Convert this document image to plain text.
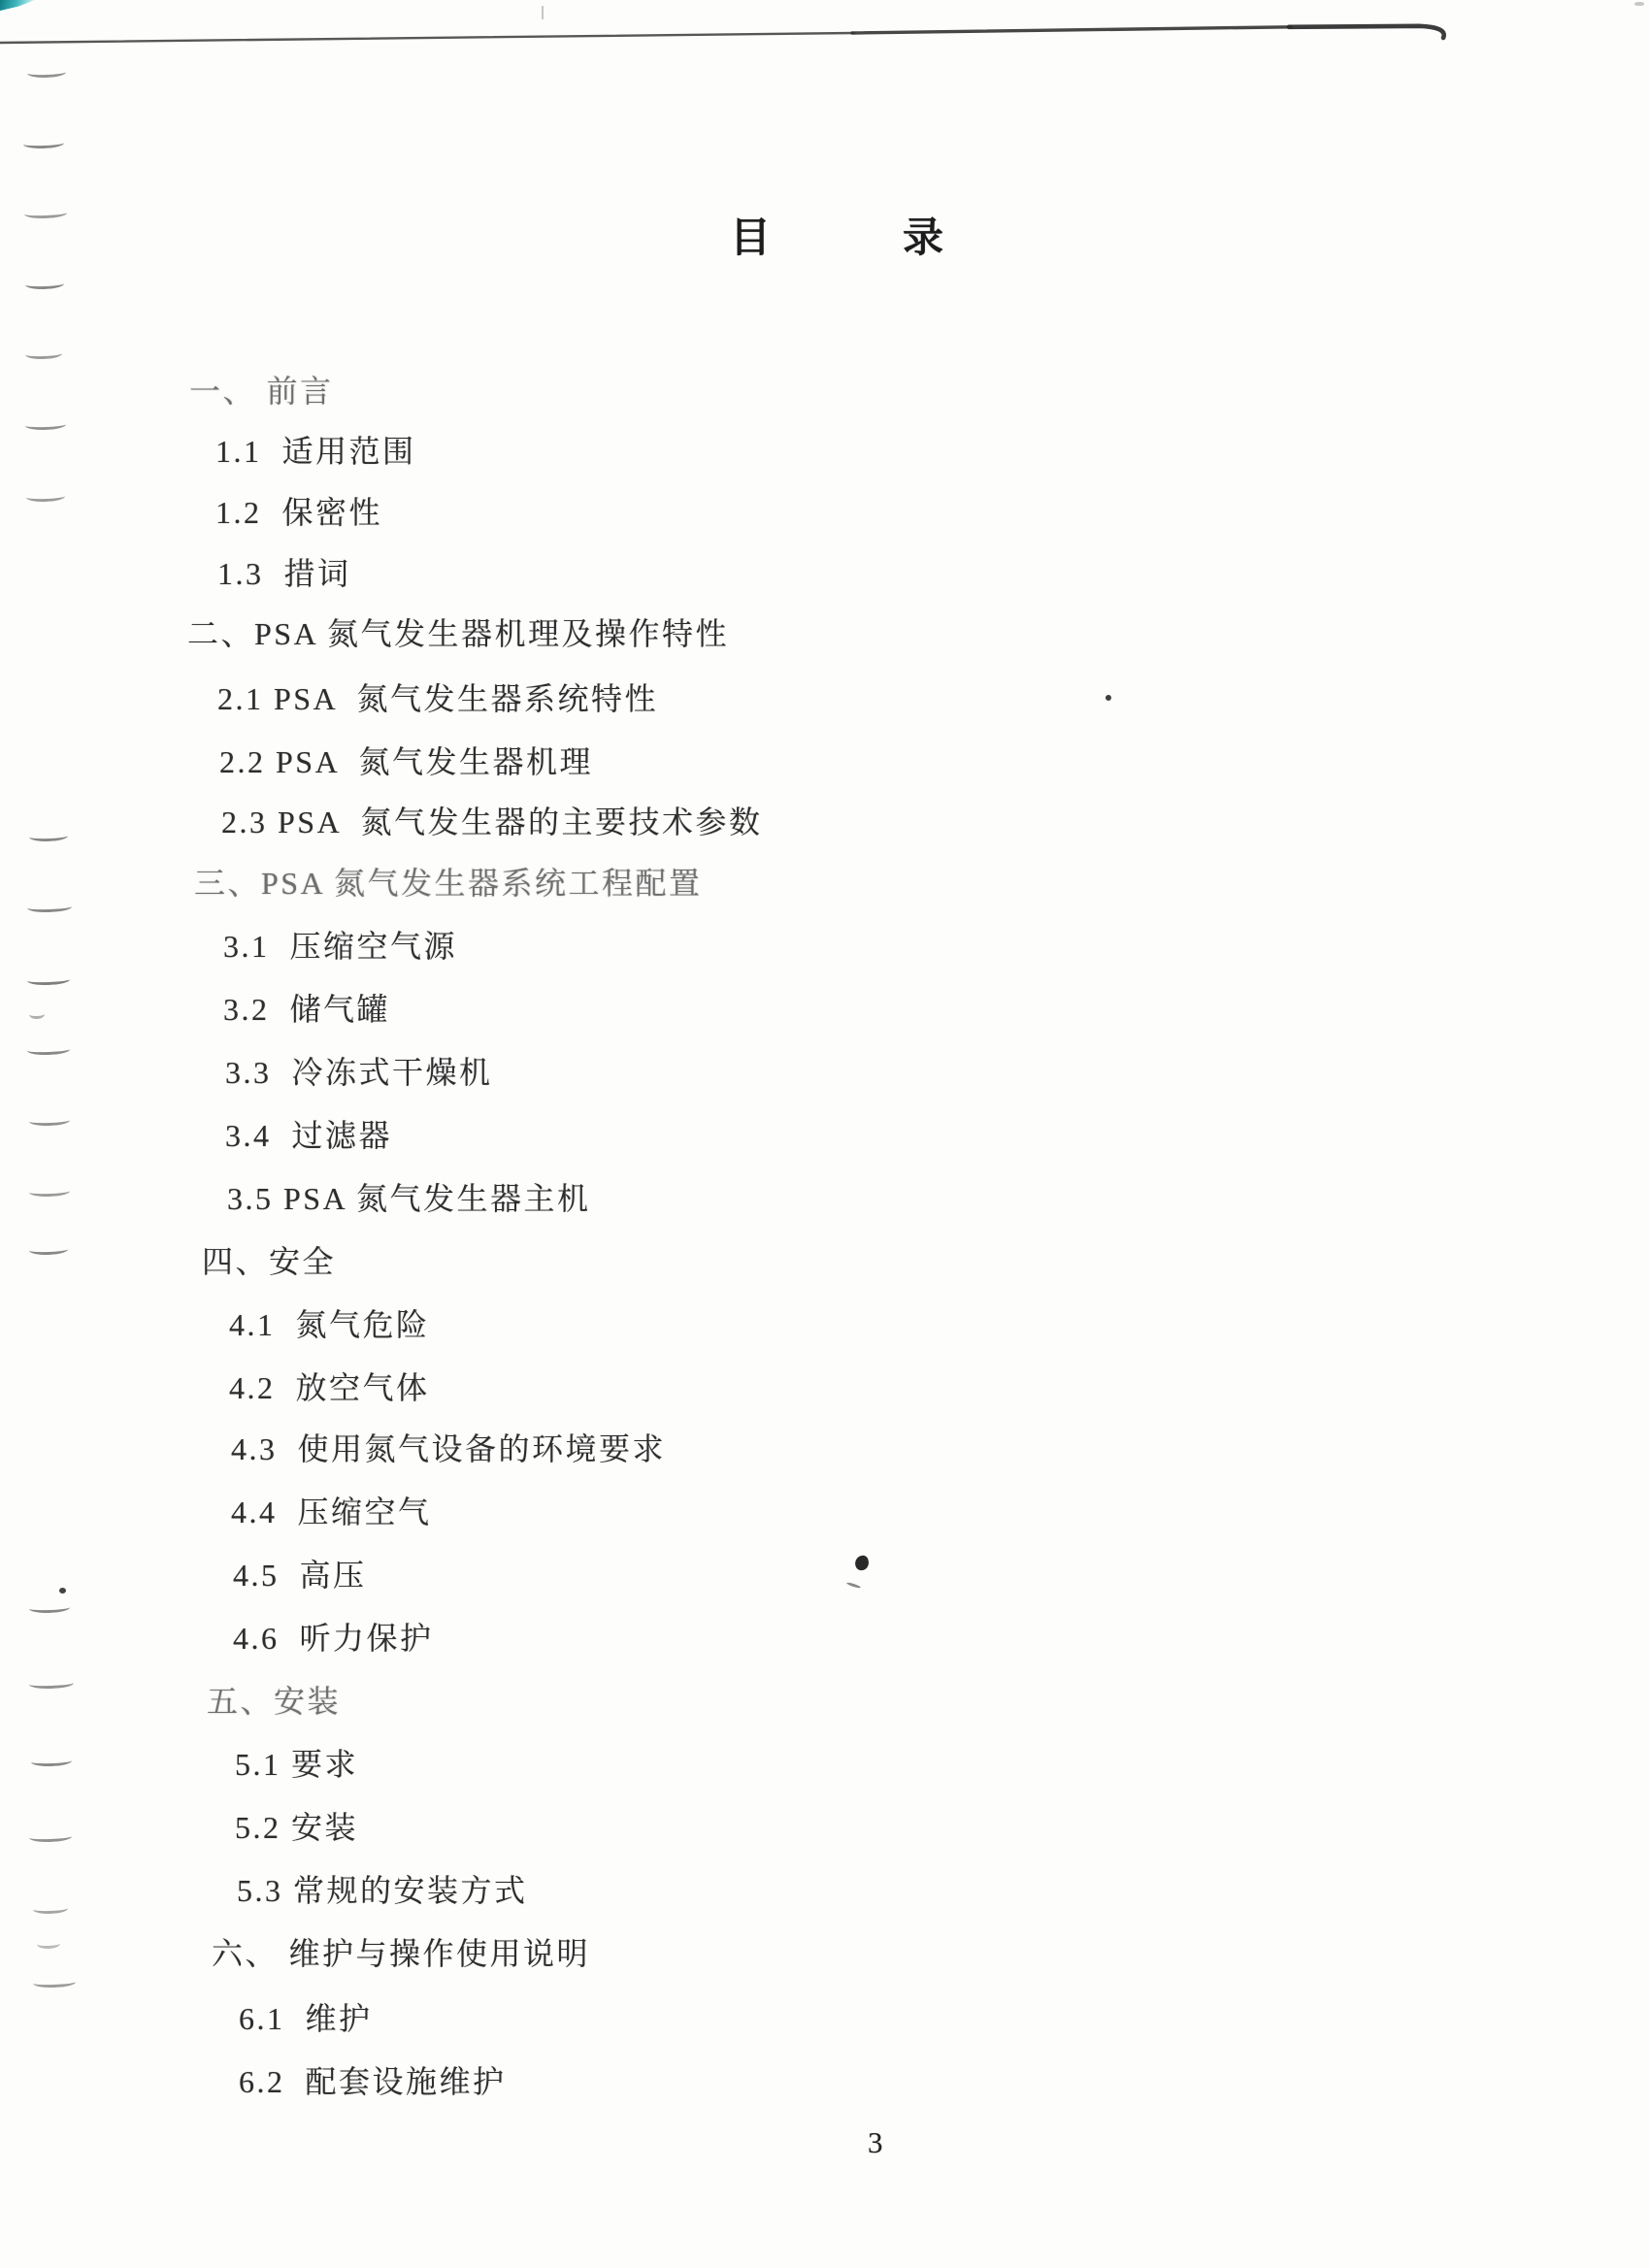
目	录
一、 前言
1.1  适用范围
1.2  保密性
1.3  措词
二、PSA 氮气发生器机理及操作特性
2.1 PSA  氮气发生器系统特性
2.2 PSA  氮气发生器机理
2.3 PSA  氮气发生器的主要技术参数
三、PSA 氮气发生器系统工程配置
3.1  压缩空气源
3.2  储气罐
3.3  冷冻式干燥机
3.4  过滤器
3.5 PSA 氮气发生器主机
四、安全
4.1  氮气危险
4.2  放空气体
4.3  使用氮气设备的环境要求
4.4  压缩空气
4.5  高压
4.6  听力保护
五、安装
5.1 要求
5.2 安装
5.3 常规的安装方式
六、 维护与操作使用说明
6.1  维护
6.2  配套设施维护
3
